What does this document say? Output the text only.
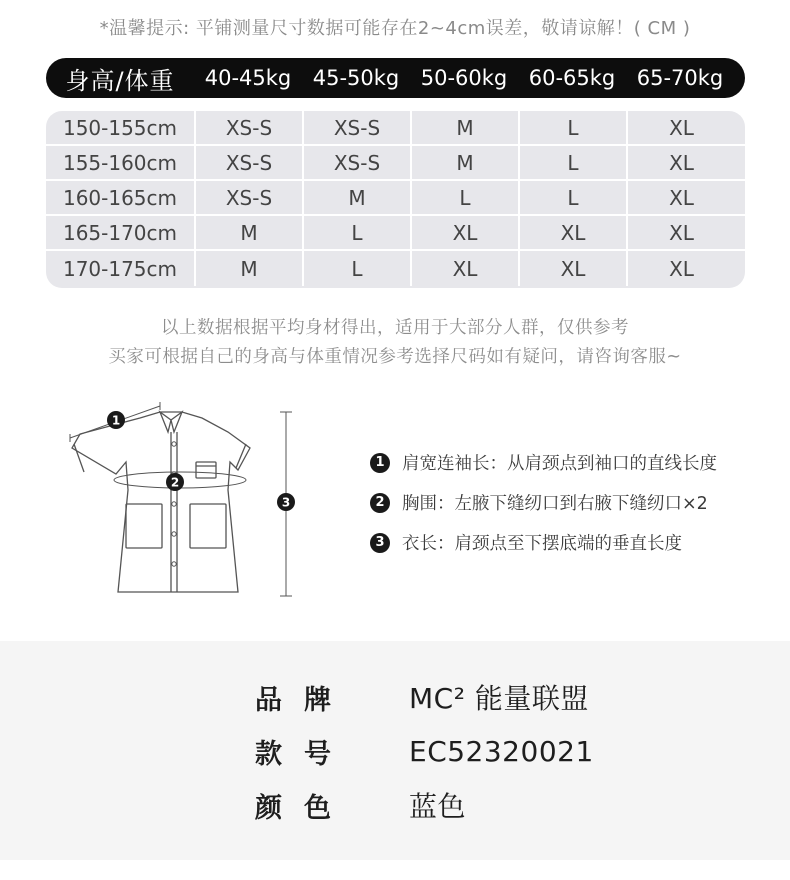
*温馨提示: 平铺测量尺寸数据可能存在2~4cm误差，敬请谅解！( CM )
身高/体重	40-45kg	45-50kg	50-60kg	60-65kg	65-70kg
150-155cm	XS-S	XS-S	M	L	XL
155-160cm	XS-S	XS-S	M	L	XL
160-165cm	XS-S	M	L	L	XL
165-170cm	M	L	XL	XL	XL
170-175cm	M	L	XL	XL	XL
以上数据根据平均身材得出，适用于大部分人群，仅供参考
买家可根据自己的身高与体重情况参考选择尺码如有疑问，请咨询客服~
1
2
3
1 肩宽连袖长：从肩颈点到袖口的直线长度
2 胸围：左腋下缝纫口到右腋下缝纫口×2
3 衣长：肩颈点至下摆底端的垂直长度
品牌	MC² 能量联盟
款号	EC52320021
颜色	蓝色
